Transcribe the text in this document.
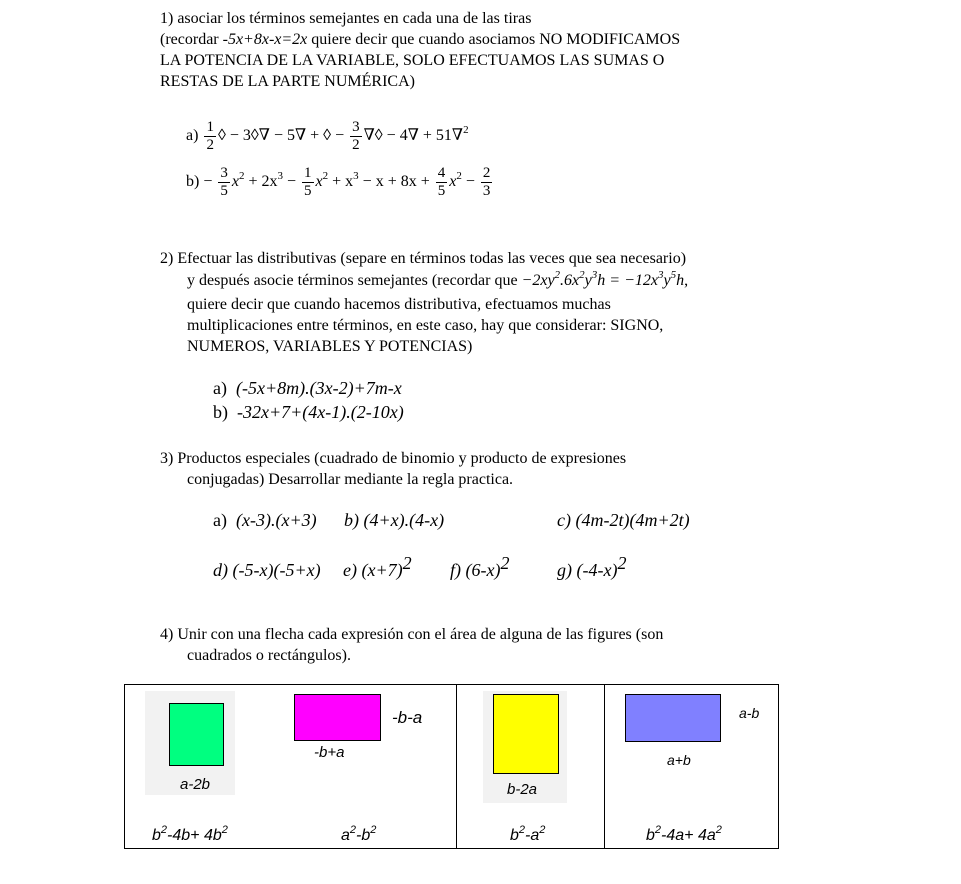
1) asociar los términos semejantes en cada una de las tiras
(recordar -5x+8x-x=2x quiere decir que cuando asociamos NO MODIFICAMOS
LA POTENCIA DE LA VARIABLE, SOLO EFECTUAMOS LAS SUMAS O
RESTAS DE LA PARTE NUMÉRICA)
$a) \frac{1}{2}$ ◊ − 3◊∇ − 5∇ + ◊ − $\frac{3}{2}$ ∇◊ − 4∇ + 51∇$^2$
$b) - \frac{3}{5} x^2 + 2x^3 - \frac{1}{5} x^2 + x^3 - x + 8x + \frac{4}{5} x^2 - \frac{2}{3}$
2) Efectuar las distributivas (separe en términos todas las veces que sea necesario)
y después asocie términos semejantes (recordar que $-2xy^2.6x^2y^3h = -12x^3y^5h$,
quiere decir que cuando hacemos distributiva, efectuamos muchas
multiplicaciones entre términos, en este caso, hay que considerar: SIGNO,
NUMEROS, VARIABLES Y POTENCIAS)
a) (-5x+8m).(3x-2)+7m-x
b) -32x+7+(4x-1).(2-10x)
3) Productos especiales (cuadrado de binomio y producto de expresiones
conjugadas) Desarrollar mediante la regla practica.
a) (x-3).(x+3) b) (4+x).(4-x)	c) (4m-2t)(4m+2t)
d) (-5-x)(-5+x) e) $(x+7)^2$ f) $(6-x)^2$	g) $(-4-x)^2$
4) Unir con una flecha cada expresión con el área de alguna de las figures (son
cuadrados o rectángulos).
a-2b
-b-a
-b+a
b-2a
a-b
a+b
$b^2-4b+ 4b^2$	$a^2-b^2$	$b^2-a^2$	$b^2-4a+ 4a^2$
